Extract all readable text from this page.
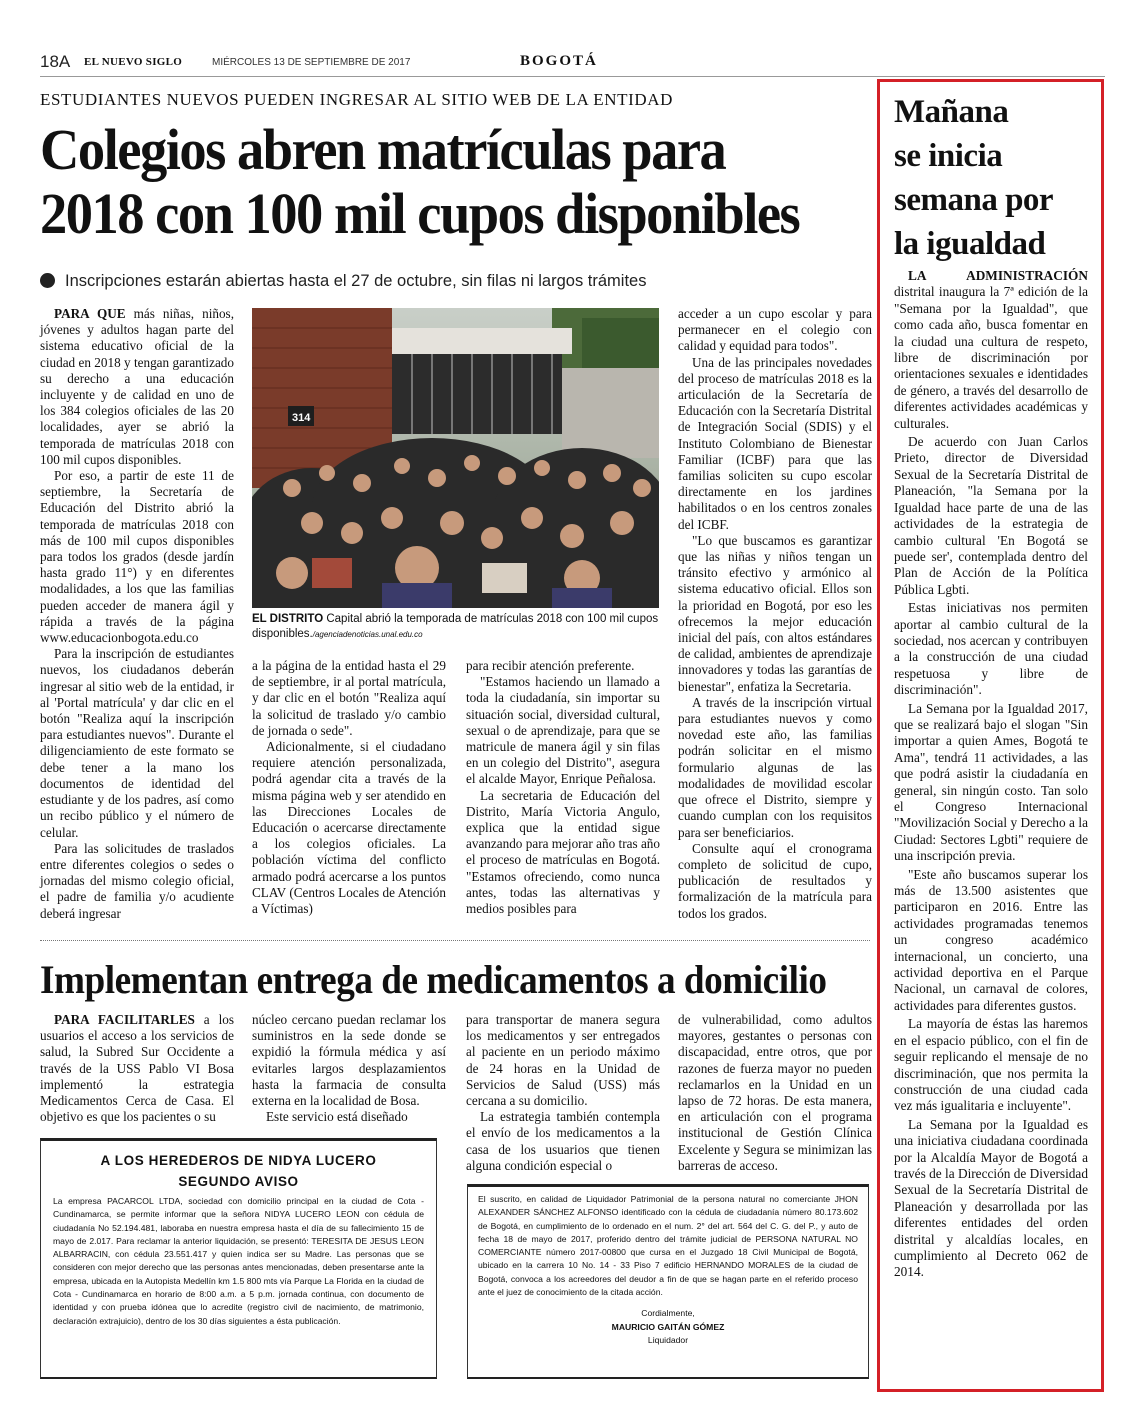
18A EL NUEVO SIGLO	MIÉRCOLES 13 DE SEPTIEMBRE DE 2017	BOGOTÁ
ESTUDIANTES NUEVOS PUEDEN INGRESAR AL SITIO WEB DE LA ENTIDAD
Colegios abren matrículas para
2018 con 100 mil cupos disponibles
Inscripciones estarán abiertas hasta el 27 de octubre, sin filas ni largos trámites

PARA QUE más niñas, niños, jóvenes y adultos hagan parte del sistema educativo oficial de la ciudad en 2018 y tengan garantizado su derecho a una educación incluyente y de calidad en uno de los 384 colegios oficiales de las 20 localidades, ayer se abrió la temporada de matrículas 2018 con 100 mil cupos disponibles.

Por eso, a partir de este 11 de septiembre, la Secretaría de Educación del Distrito abrió la temporada de matrículas 2018 con más de 100 mil cupos disponibles para todos los grados (desde jardín hasta grado 11°) y en diferentes modalidades, a los que las familias pueden acceder de manera ágil y rápida a través de la página www.educacionbogota.edu.co

Para la inscripción de estudiantes nuevos, los ciudadanos deberán ingresar al sitio web de la entidad, ir al 'Portal matrícula' y dar clic en el botón "Realiza aquí la inscripción para estudiantes nuevos". Durante el diligenciamiento de este formato se debe tener a la mano los documentos de identidad del estudiante y de los padres, así como un recibo público y el número de celular.

Para las solicitudes de traslados entre diferentes colegios o sedes o jornadas del mismo colegio oficial, el padre de familia y/o acudiente deberá ingresar

314
EL DISTRITO Capital abrió la temporada de matrículas 2018 con 100 mil cupos disponibles./agenciadenoticias.unal.edu.co

a la página de la entidad hasta el 29 de septiembre, ir al portal matrícula, y dar clic en el botón "Realiza aquí la solicitud de traslado y/o cambio de jornada o sede".

Adicionalmente, si el ciudadano requiere atención personalizada, podrá agendar cita a través de la misma página web y ser atendido en las Direcciones Locales de Educación o acercarse directamente a los colegios oficiales. La población víctima del conflicto armado podrá acercarse a los puntos CLAV (Centros Locales de Atención a Víctimas)

para recibir atención preferente.

"Estamos haciendo un llamado a toda la ciudadanía, sin importar su situación social, diversidad cultural, sexual o de aprendizaje, para que se matricule de manera ágil y sin filas en un colegio del Distrito", asegura el alcalde Mayor, Enrique Peñalosa.

La secretaria de Educación del Distrito, María Victoria Angulo, explica que la entidad sigue avanzando para mejorar año tras año el proceso de matrículas en Bogotá. "Estamos ofreciendo, como nunca antes, todas las alternativas y medios posibles para

acceder a un cupo escolar y para permanecer en el colegio con calidad y equidad para todos".

Una de las principales novedades del proceso de matrículas 2018 es la articulación de la Secretaría de Educación con la Secretaría Distrital de Integración Social (SDIS) y el Instituto Colombiano de Bienestar Familiar (ICBF) para que las familias soliciten su cupo escolar directamente en los jardines habilitados o en los centros zonales del ICBF.

"Lo que buscamos es garantizar que las niñas y niños tengan un tránsito efectivo y armónico al sistema educativo oficial. Ellos son la prioridad en Bogotá, por eso les ofrecemos la mejor educación inicial del país, con altos estándares de calidad, ambientes de aprendizaje innovadores y todas las garantías de bienestar", enfatiza la Secretaria.

A través de la inscripción virtual para estudiantes nuevos y como novedad este año, las familias podrán solicitar en el mismo formulario algunas de las modalidades de movilidad escolar que ofrece el Distrito, siempre y cuando cumplan con los requisitos para ser beneficiarios.

Consulte aquí el cronograma completo de solicitud de cupo, publicación de resultados y formalización de la matrícula para todos los grados.

Implementan entrega de medicamentos a domicilio

PARA FACILITARLES a los usuarios el acceso a los servicios de salud, la Subred Sur Occidente a través de la USS Pablo VI Bosa implementó la estrategia Medicamentos Cerca de Casa. El objetivo es que los pacientes o su

núcleo cercano puedan reclamar los suministros en la sede donde se expidió la fórmula médica y así evitarles largos desplazamientos hasta la farmacia de consulta externa en la localidad de Bosa.

Este servicio está diseñado

para transportar de manera segura los medicamentos y ser entregados al paciente en un periodo máximo de 24 horas en la Unidad de Servicios de Salud (USS) más cercana a su domicilio.

La estrategia también contempla el envío de los medicamentos a la casa de los usuarios que tienen alguna condición especial o

de vulnerabilidad, como adultos mayores, gestantes o personas con discapacidad, entre otros, que por razones de fuerza mayor no pueden reclamarlos en la Unidad en un lapso de 72 horas. De esta manera, en articulación con el programa institucional de Gestión Clínica Excelente y Segura se minimizan las barreras de acceso.

A LOS HEREDEROS DE NIDYA LUCERO
SEGUNDO AVISO
La empresa PACARCOL LTDA, sociedad con domicilio principal en la ciudad de Cota - Cundinamarca, se permite informar que la señora NIDYA LUCERO LEON con cédula de ciudadanía No 52.194.481, laboraba en nuestra empresa hasta el día de su fallecimiento 15 de mayo de 2.017. Para reclamar la anterior liquidación, se presentó: TERESITA DE JESUS LEON ALBARRACIN, con cédula 23.551.417 y quien indica ser su Madre. Las personas que se consideren con mejor derecho que las personas antes mencionadas, deben presentarse ante la empresa, ubicada en la Autopista Medellín km 1.5 800 mts vía Parque La Florida en la ciudad de Cota - Cundinamarca en horario de 8:00 a.m. a 5 p.m. jornada continua, con documento de identidad y con prueba idónea que lo acredite (registro civil de nacimiento, de matrimonio, declaración extrajuicio), dentro de los 30 días siguientes a ésta publicación.
El suscrito, en calidad de Liquidador Patrimonial de la persona natural no comerciante JHON ALEXANDER SÁNCHEZ ALFONSO identificado con la cédula de ciudadanía número 80.173.602 de Bogotá, en cumplimiento de lo ordenado en el num. 2° del art. 564 del C. G. del P., y auto de fecha 18 de mayo de 2017, proferido dentro del trámite judicial de PERSONA NATURAL NO COMERCIANTE número 2017-00800 que cursa en el Juzgado 18 Civil Municipal de Bogotá, ubicado en la carrera 10 No. 14 - 33 Piso 7 edificio HERNANDO MORALES de la ciudad de Bogotá, convoca a los acreedores del deudor a fin de que se hagan parte en el referido proceso ante el juez de conocimiento de la citada acción.
Cordialmente,
MAURICIO GAITÁN GÓMEZ
Liquidador
Mañana
se inicia
semana por
la igualdad

LA ADMINISTRACIÓN distrital inaugura la 7ª edición de la "Semana por la Igualdad", que como cada año, busca fomentar en la ciudad una cultura de respeto, libre de discriminación por orientaciones sexuales e identidades de género, a través del desarrollo de diferentes actividades académicas y culturales.

De acuerdo con Juan Carlos Prieto, director de Diversidad Sexual de la Secretaría Distrital de Planeación, "la Semana por la Igualdad hace parte de una de las actividades de la estrategia de cambio cultural 'En Bogotá se puede ser', contemplada dentro del Plan de Acción de la Política Pública Lgbti.

Estas iniciativas nos permiten aportar al cambio cultural de la sociedad, nos acercan y contribuyen a la construcción de una ciudad respetuosa y libre de discriminación".

La Semana por la Igualdad 2017, que se realizará bajo el slogan "Sin importar a quien Ames, Bogotá te Ama", tendrá 11 actividades, a las que podrá asistir la ciudadanía en general, sin ningún costo. Tan solo el Congreso Internacional "Movilización Social y Derecho a la Ciudad: Sectores Lgbti" requiere de una inscripción previa.

"Este año buscamos superar los más de 13.500 asistentes que participaron en 2016. Entre las actividades programadas tenemos un congreso académico internacional, un concierto, una actividad deportiva en el Parque Nacional, un carnaval de colores, actividades para diferentes gustos.

La mayoría de éstas las haremos en el espacio público, con el fin de seguir replicando el mensaje de no discriminación, que nos permita la construcción de una ciudad cada vez más igualitaria e incluyente".

La Semana por la Igualdad es una iniciativa ciudadana coordinada por la Alcaldía Mayor de Bogotá a través de la Dirección de Diversidad Sexual de la Secretaría Distrital de Planeación y desarrollada por las diferentes entidades del orden distrital y alcaldías locales, en cumplimiento al Decreto 062 de 2014.
